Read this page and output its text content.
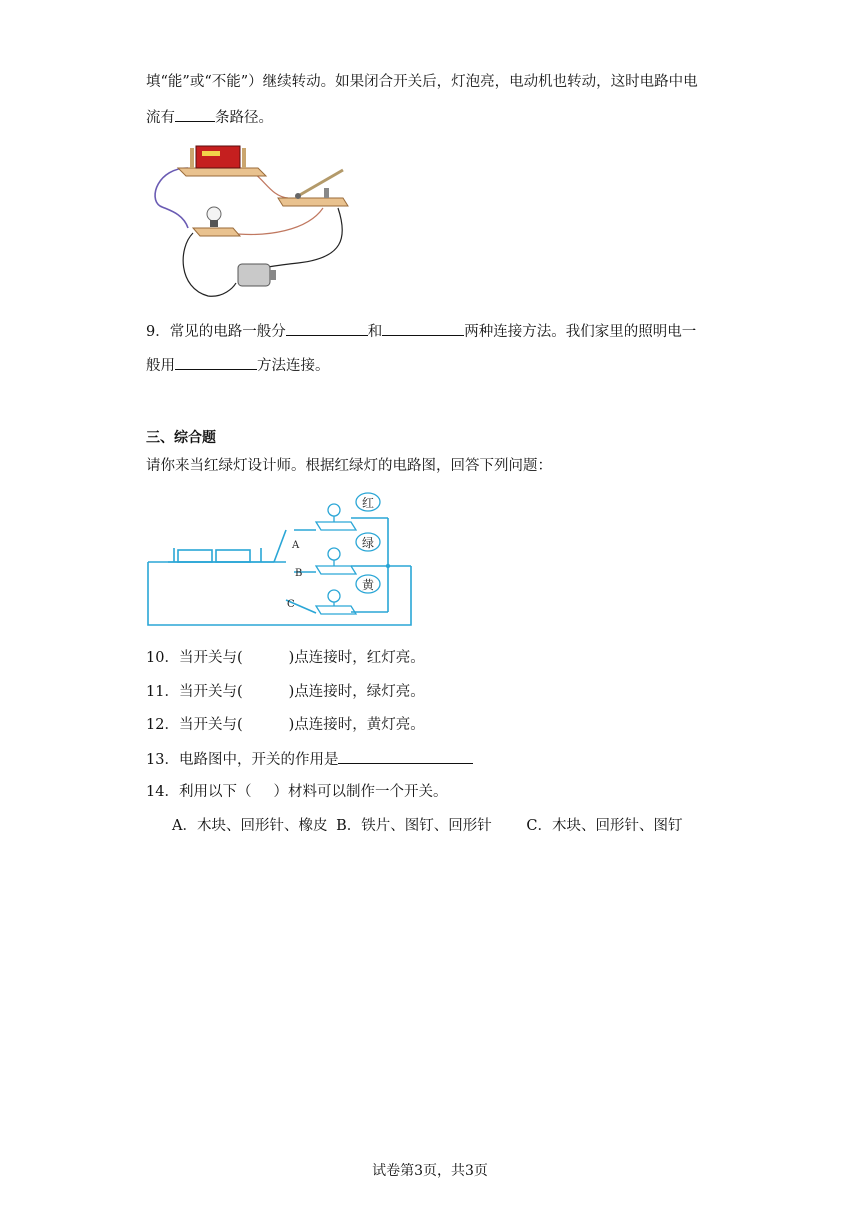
填“能”或“不能”）继续转动。如果闭合开关后，灯泡亮，电动机也转动，这时电路中电
流有	条路径。
9．常见的电路一般分	和	两种连接方法。我们家里的照明电一
般用	方法连接。
三、综合题
请你来当红绿灯设计师。根据红绿灯的电路图，回答下列问题：
红
绿
黄
A
B
C
10．当开关与(	)点连接时，红灯亮。
11．当开关与(	)点连接时，绿灯亮。
12．当开关与(	)点连接时，黄灯亮。
13．电路图中，开关的作用是
14．利用以下（ ）材料可以制作一个开关。
A．木块、回形针、橡皮 B．铁片、图钉、回形针 C．木块、回形针、图钉
试卷第3页，共3页
